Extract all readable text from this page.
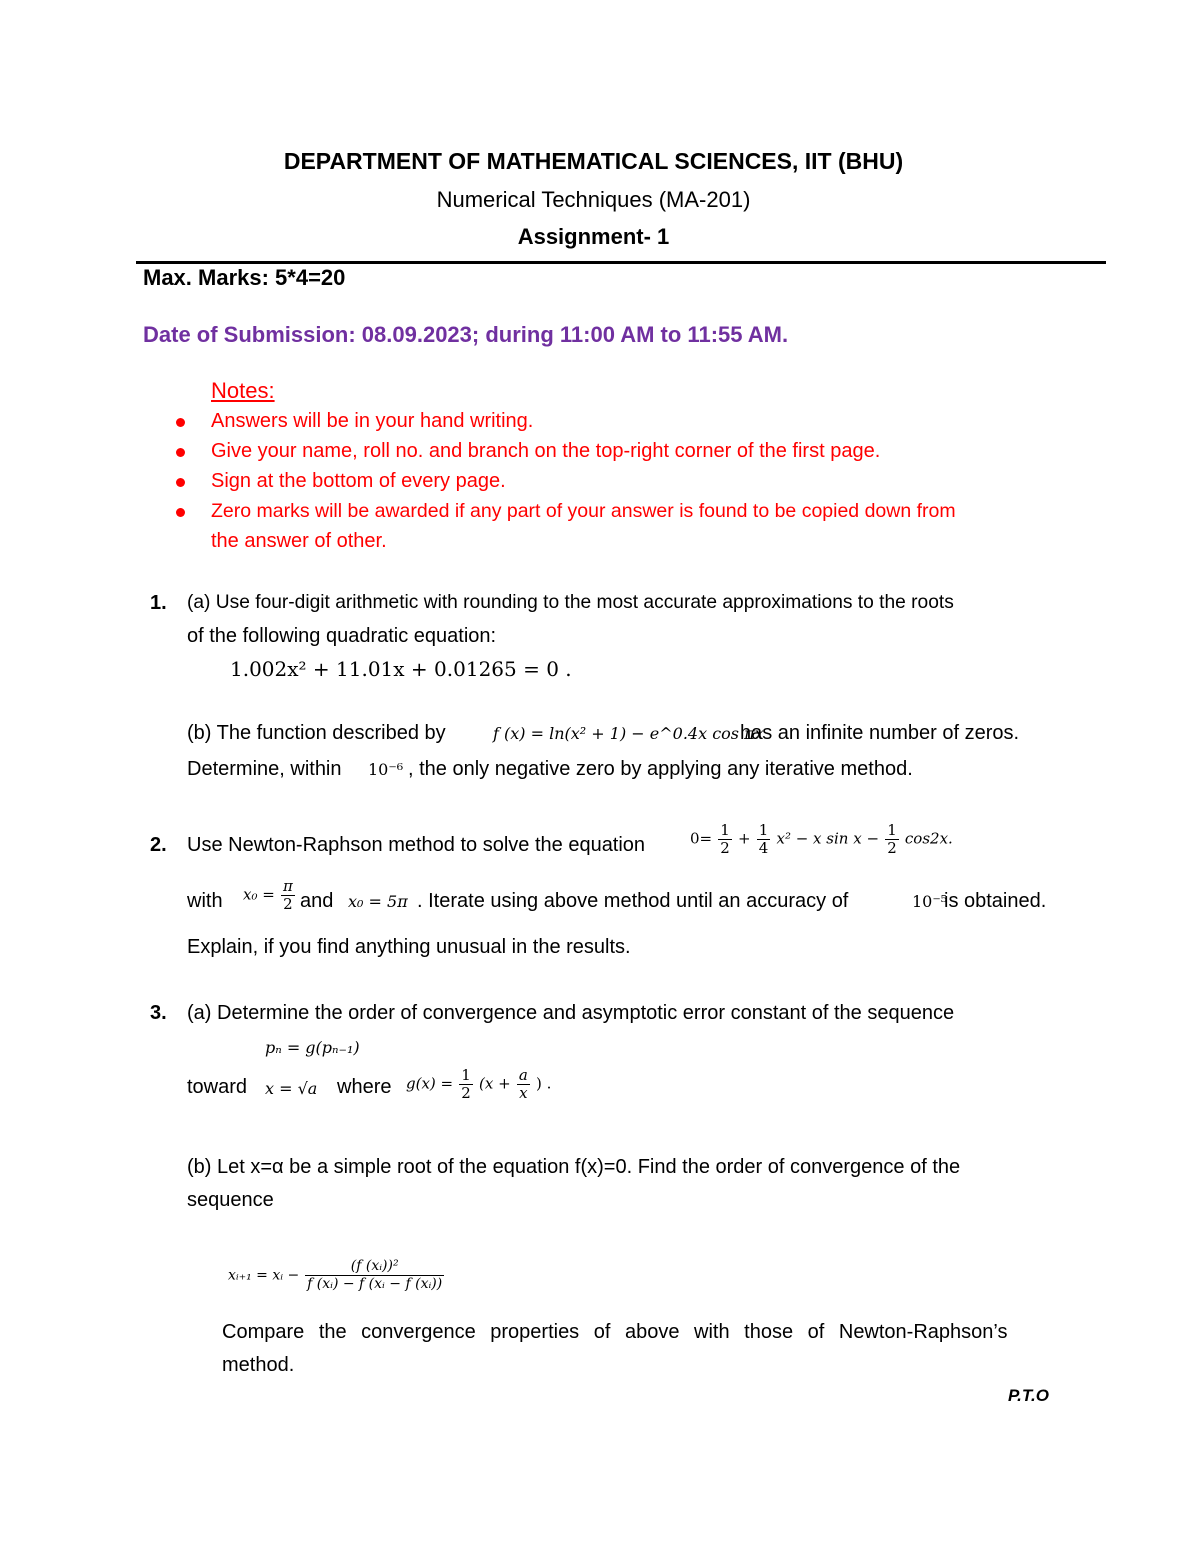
DEPARTMENT OF MATHEMATICAL SCIENCES, IIT (BHU)
Numerical Techniques (MA-201)
Assignment- 1
Max. Marks: 5*4=20
Date of Submission: 08.09.2023; during 11:00 AM to 11:55 AM.
Notes:
Answers will be in your hand writing.
Give your name, roll no. and branch on the top-right corner of the first page.
Sign at the bottom of every page.
Zero marks will be awarded if any part of your answer is found to be copied down from
the answer of other.
1. (a) Use four-digit arithmetic with rounding to the most accurate approximations to the roots
of the following quadratic equation:
1.002x² + 11.01x + 0.01265 = 0 .
(b) The function described by	f (x) = ln(x² + 1) − e^0.4x cos πx
has an infinite number of zeros.
Determine, within 10⁻⁶ , the only negative zero by applying any iterative method.
2. Use Newton-Raphson method to solve the equation	$0= \frac{1}{2} + \frac{1}{4} x^2 - x$ $\sin x - \frac{1}{2} \cos 2x$.
with $x_0 = \frac{\pi}{2}$ and x₀ = 5π . Iterate using above method until an accuracy of	10⁻⁵
is obtained.
Explain, if you find anything unusual in the results.
3. (a) Determine the order of convergence and asymptotic error constant of the sequence
pₙ = g(pₙ₋₁)
toward x = √a where $g(x) = \frac{1}{2} (x + \frac{a}{x}$ ) .
(b) Let x=α be a simple root of the equation f(x)=0. Find the order of convergence of the
sequence
xᵢ₊₁ = xᵢ − $\frac{\text{(f (xᵢ))²}}{\text{f (xᵢ) − f (xᵢ − f (xᵢ))}}$
Compare the convergence properties of above with those of Newton-Raphson’s
method.
P.T.O
